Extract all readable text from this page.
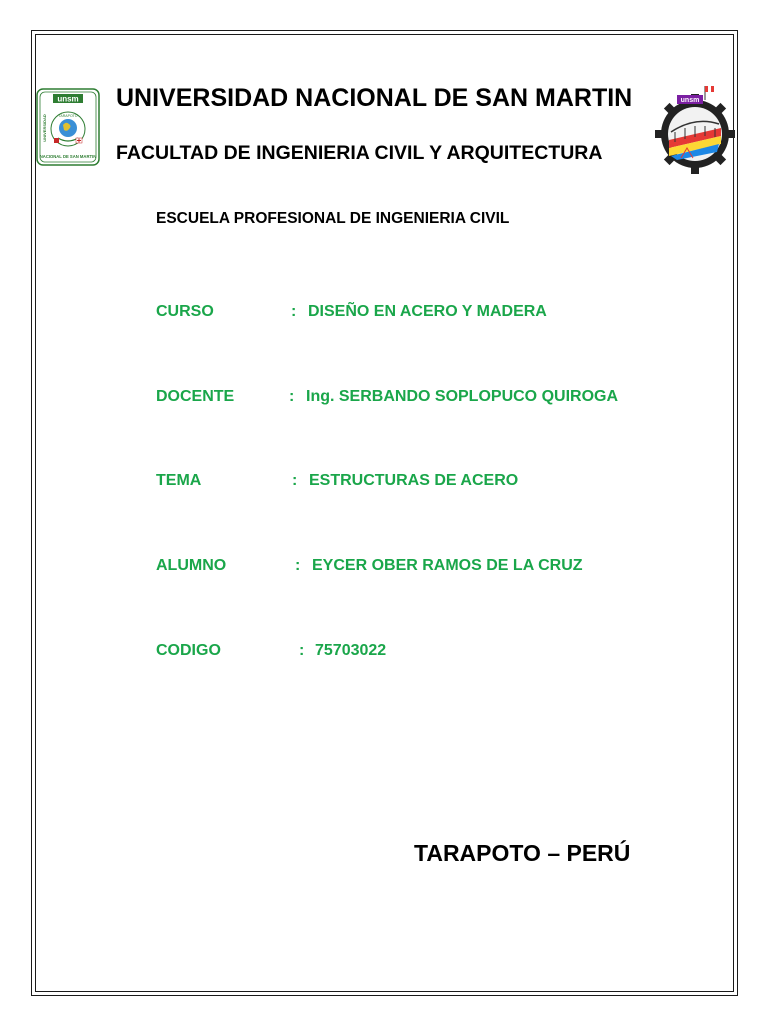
unsm
UNIVERSIDAD
NACIONAL DE SAN MARTIN
TARAPOTO
unsm
UNIVERSIDAD NACIONAL DE SAN MARTIN
FACULTAD DE INGENIERIA CIVIL Y ARQUITECTURA
ESCUELA PROFESIONAL DE INGENIERIA CIVIL
CURSO	: DISEÑO EN ACERO Y MADERA
DOCENTE	: Ing. SERBANDO SOPLOPUCO QUIROGA
TEMA	: ESTRUCTURAS DE ACERO
ALUMNO	: EYCER OBER RAMOS DE LA CRUZ
CODIGO	: 75703022
TARAPOTO – PERÚ
